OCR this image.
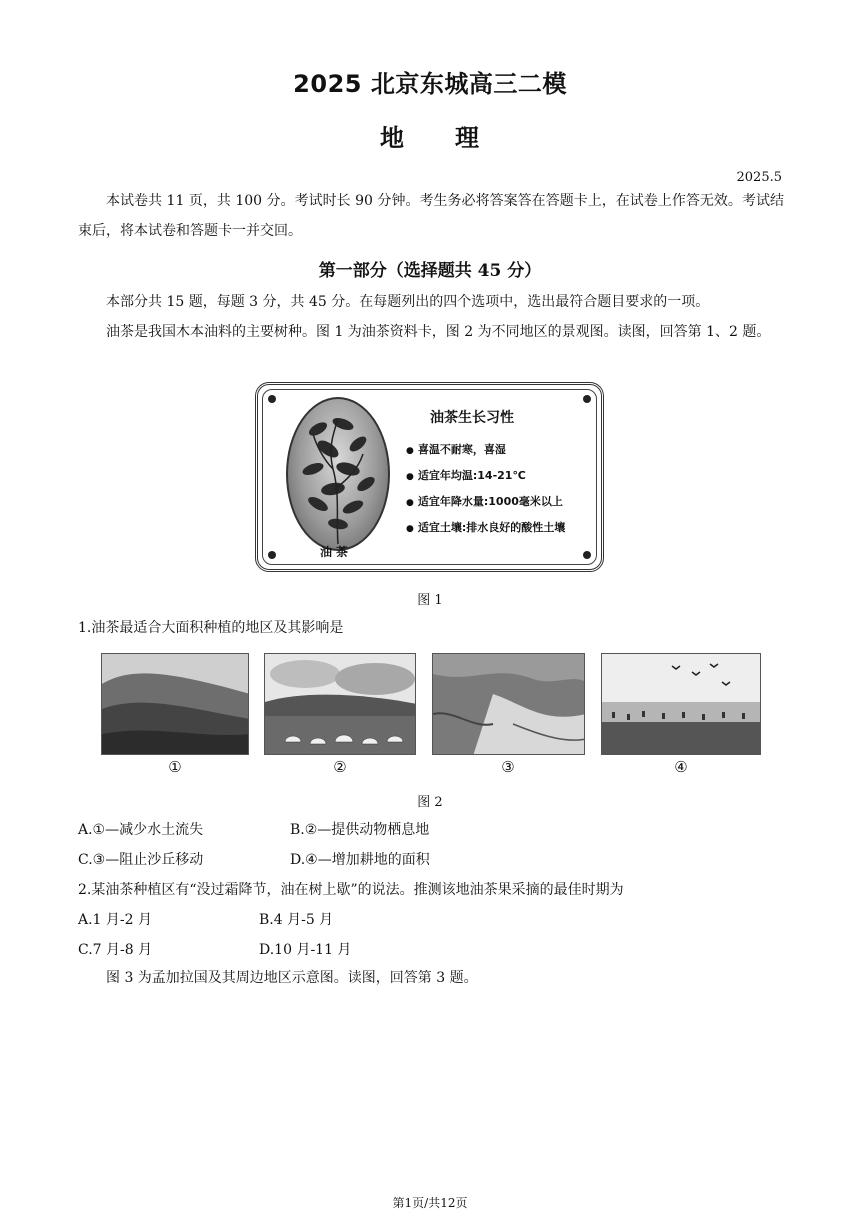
2025 北京东城高三二模
地　　理
2025.5
本试卷共 11 页，共 100 分。考试时长 90 分钟。考生务必将答案答在答题卡上，在试卷上作答无效。考试结束后，将本试卷和答题卡一并交回。
第一部分（选择题共 45 分）
本部分共 15 题，每题 3 分，共 45 分。在每题列出的四个选项中，选出最符合题目要求的一项。
油茶是我国木本油料的主要树种。图 1 为油茶资料卡，图 2 为不同地区的景观图。读图，回答第 1、2 题。
油茶
油茶生长习性
● 喜温不耐寒，喜湿
● 适宜年均温:14-21℃
● 适宜年降水量:1000毫米以上
● 适宜土壤:排水良好的酸性土壤
图 1
1.油茶最适合大面积种植的地区及其影响是
①	②	③	④
图 2
A.①—减少水土流失	B.②—提供动物栖息地
C.③—阻止沙丘移动	D.④—增加耕地的面积
2.某油茶种植区有“没过霜降节，油在树上歇”的说法。推测该地油茶果采摘的最佳时期为
A.1 月-2 月	B.4 月-5 月
C.7 月-8 月	D.10 月-11 月
图 3 为孟加拉国及其周边地区示意图。读图，回答第 3 题。
第1页/共12页
